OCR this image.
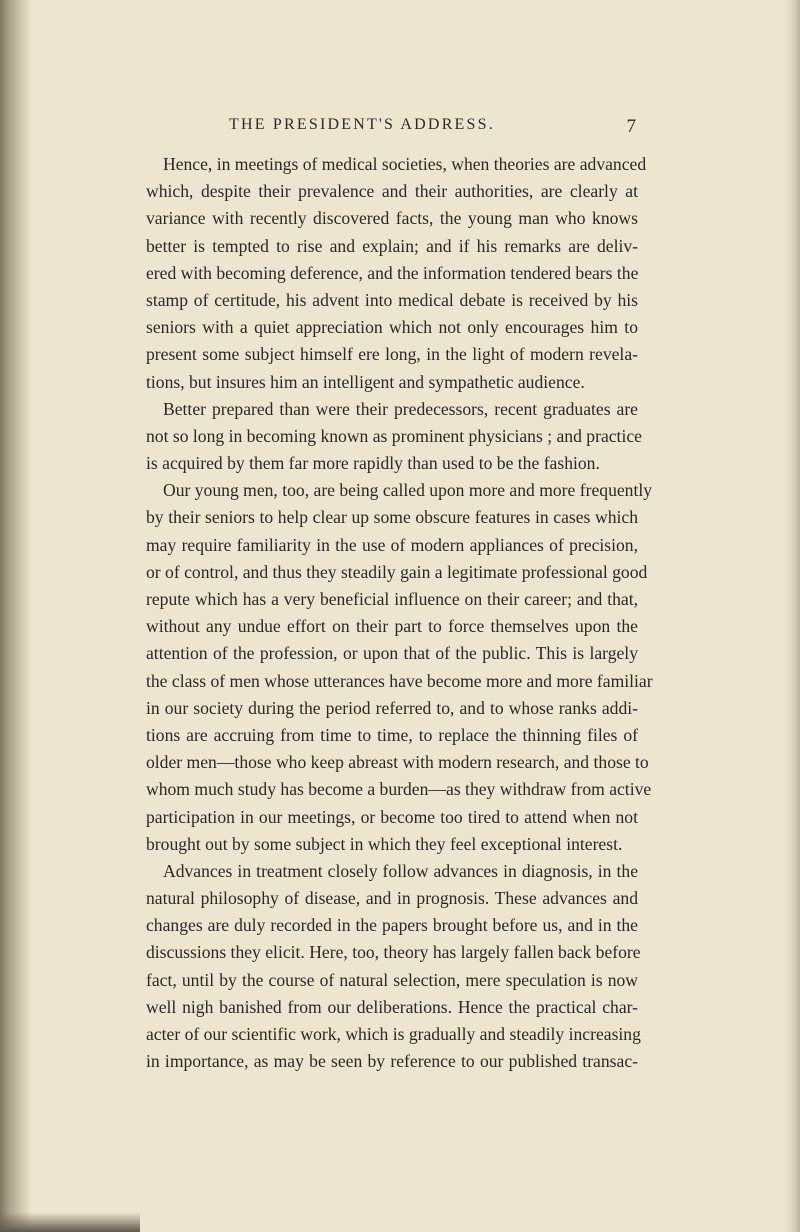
THE PRESIDENT'S ADDRESS.	7
Hence, in meetings of medical societies, when theories are advanced
which, despite their prevalence and their authorities, are clearly at
variance with recently discovered facts, the young man who knows
better is tempted to rise and explain; and if his remarks are deliv-
ered with becoming deference, and the information tendered bears the
stamp of certitude, his advent into medical debate is received by his
seniors with a quiet appreciation which not only encourages him to
present some subject himself ere long, in the light of modern revela-
tions, but insures him an intelligent and sympathetic audience.
Better prepared than were their predecessors, recent graduates are
not so long in becoming known as prominent physicians ; and practice
is acquired by them far more rapidly than used to be the fashion.
Our young men, too, are being called upon more and more frequently
by their seniors to help clear up some obscure features in cases which
may require familiarity in the use of modern appliances of precision,
or of control, and thus they steadily gain a legitimate professional good
repute which has a very beneficial influence on their career; and that,
without any undue effort on their part to force themselves upon the
attention of the profession, or upon that of the public. This is largely
the class of men whose utterances have become more and more familiar
in our society during the period referred to, and to whose ranks addi-
tions are accruing from time to time, to replace the thinning files of
older men—those who keep abreast with modern research, and those to
whom much study has become a burden—as they withdraw from active
participation in our meetings, or become too tired to attend when not
brought out by some subject in which they feel exceptional interest.
Advances in treatment closely follow advances in diagnosis, in the
natural philosophy of disease, and in prognosis. These advances and
changes are duly recorded in the papers brought before us, and in the
discussions they elicit. Here, too, theory has largely fallen back before
fact, until by the course of natural selection, mere speculation is now
well nigh banished from our deliberations. Hence the practical char-
acter of our scientific work, which is gradually and steadily increasing
in importance, as may be seen by reference to our published transac-
